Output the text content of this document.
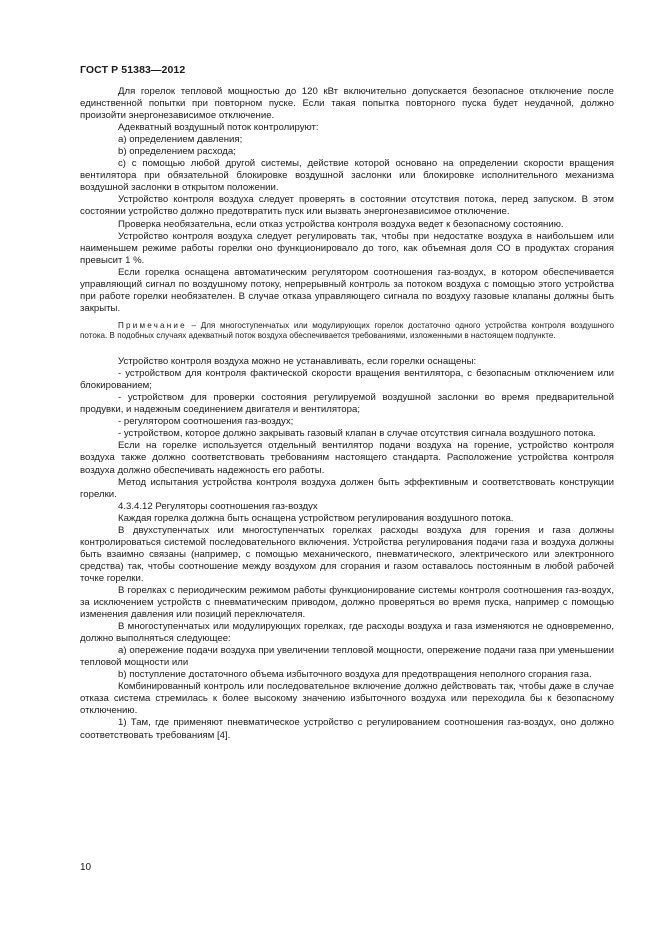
ГОСТ Р 51383—2012

Для горелок тепловой мощностью до 120 кВт включительно допускается безопасное отключение после единственной попытки при повторном пуске. Если такая попытка повторного пуска будет неудачной, должно произойти энергонезависимое отключение.

Адекватный воздушный поток контролируют:

a) определением давления;

b) определением расхода;

c) с помощью любой другой системы, действие которой основано на определении скорости вращения вентилятора при обязательной блокировке воздушной заслонки или блокировке исполнительного механизма воздушной заслонки в открытом положении.

Устройство контроля воздуха следует проверять в состоянии отсутствия потока, перед запуском. В этом состоянии устройство должно предотвратить пуск или вызвать энергонезависимое отключение.

Проверка необязательна, если отказ устройства контроля воздуха ведет к безопасному состоянию.

Устройство контроля воздуха следует регулировать так, чтобы при недостатке воздуха в наибольшем или наименьшем режиме работы горелки оно функционировало до того, как объемная доля СО в продуктах сгорания превысит 1 %.

Если горелка оснащена автоматическим регулятором соотношения газ-воздух, в котором обеспечивается управляющий сигнал по воздушному потоку, непрерывный контроль за потоком воздуха с помощью этого устройства при работе горелки необязателен. В случае отказа управляющего сигнала по воздуху газовые клапаны должны быть закрыты.

Примечание – Для многоступенчатых или модулирующих горелок достаточно одного устройства контроля воздушного потока. В подобных случаях адекватный поток воздуха обеспечивается требованиями, изложенными в настоящем подпункте.

Устройство контроля воздуха можно не устанавливать, если горелки оснащены:

- устройством для контроля фактической скорости вращения вентилятора, с безопасным отключением или блокированием;

- устройством для проверки состояния регулируемой воздушной заслонки во время предварительной продувки, и надежным соединением двигателя и вентилятора;

- регулятором соотношения газ-воздух;

- устройством, которое должно закрывать газовый клапан в случае отсутствия сигнала воздушного потока.

Если на горелке используется отдельный вентилятор подачи воздуха на горение, устройство контроля воздуха также должно соответствовать требованиям настоящего стандарта. Расположение устройства контроля воздуха должно обеспечивать надежность его работы.

Метод испытания устройства контроля воздуха должен быть эффективным и соответствовать конструкции горелки.

4.3.4.12 Регуляторы соотношения газ-воздух

Каждая горелка должна быть оснащена устройством регулирования воздушного потока.

В двухступенчатых или многоступенчатых горелках расходы воздуха для горения и газа должны контролироваться системой последовательного включения. Устройства регулирования подачи газа и воздуха должны быть взаимно связаны (например, с помощью механического, пневматического, электрического или электронного средства) так, чтобы соотношение между воздухом для сгорания и газом оставалось постоянным в любой рабочей точке горелки.

В горелках с периодическим режимом работы функционирование системы контроля соотношения газ-воздух, за исключением устройств с пневматическим приводом, должно проверяться во время пуска, например с помощью изменения давления или позиций переключателя.

В многоступенчатых или модулирующих горелках, где расходы воздуха и газа изменяются не одновременно, должно выполняться следующее:

a) опережение подачи воздуха при увеличении тепловой мощности, опережение подачи газа при уменьшении тепловой мощности или

b) поступление достаточного объема избыточного воздуха для предотвращения неполного сгорания газа.

Комбинированный контроль или последовательное включение должно действовать так, чтобы даже в случае отказа система стремилась к более высокому значению избыточного воздуха или переходила бы к безопасному отключению.

1) Там, где применяют пневматическое устройство с регулированием соотношения газ-воздух, оно должно соответствовать требованиям [4].

10
